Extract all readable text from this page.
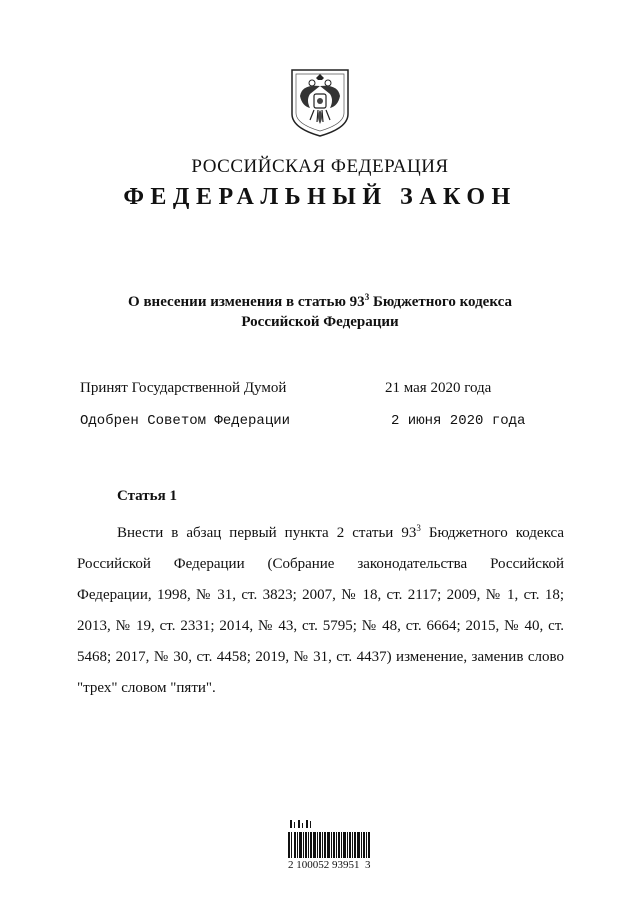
РОССИЙСКАЯ ФЕДЕРАЦИЯ
ФЕДЕРАЛЬНЫЙ ЗАКОН
О внесении изменения в статью $93^3$ Бюджетного кодекса
Российской Федерации
Принят Государственной Думой	21 мая 2020 года
Одобрен Советом Федерации	2 июня 2020 года
Статья 1

Внести в абзац первый пункта 2 статьи $93^3$ Бюджетного кодекса Российской Федерации (Собрание законодательства Российской Федерации, 1998, № 31, ст. 3823; 2007, № 18, ст. 2117; 2009, № 1, ст. 18; 2013, № 19, ст. 2331; 2014, № 43, ст. 5795; № 48, ст. 6664; 2015, № 40, ст. 5468; 2017, № 30, ст. 4458; 2019, № 31, ст. 4437) изменение, заменив слово "трех" словом "пяти".

2 100052 93951  3
